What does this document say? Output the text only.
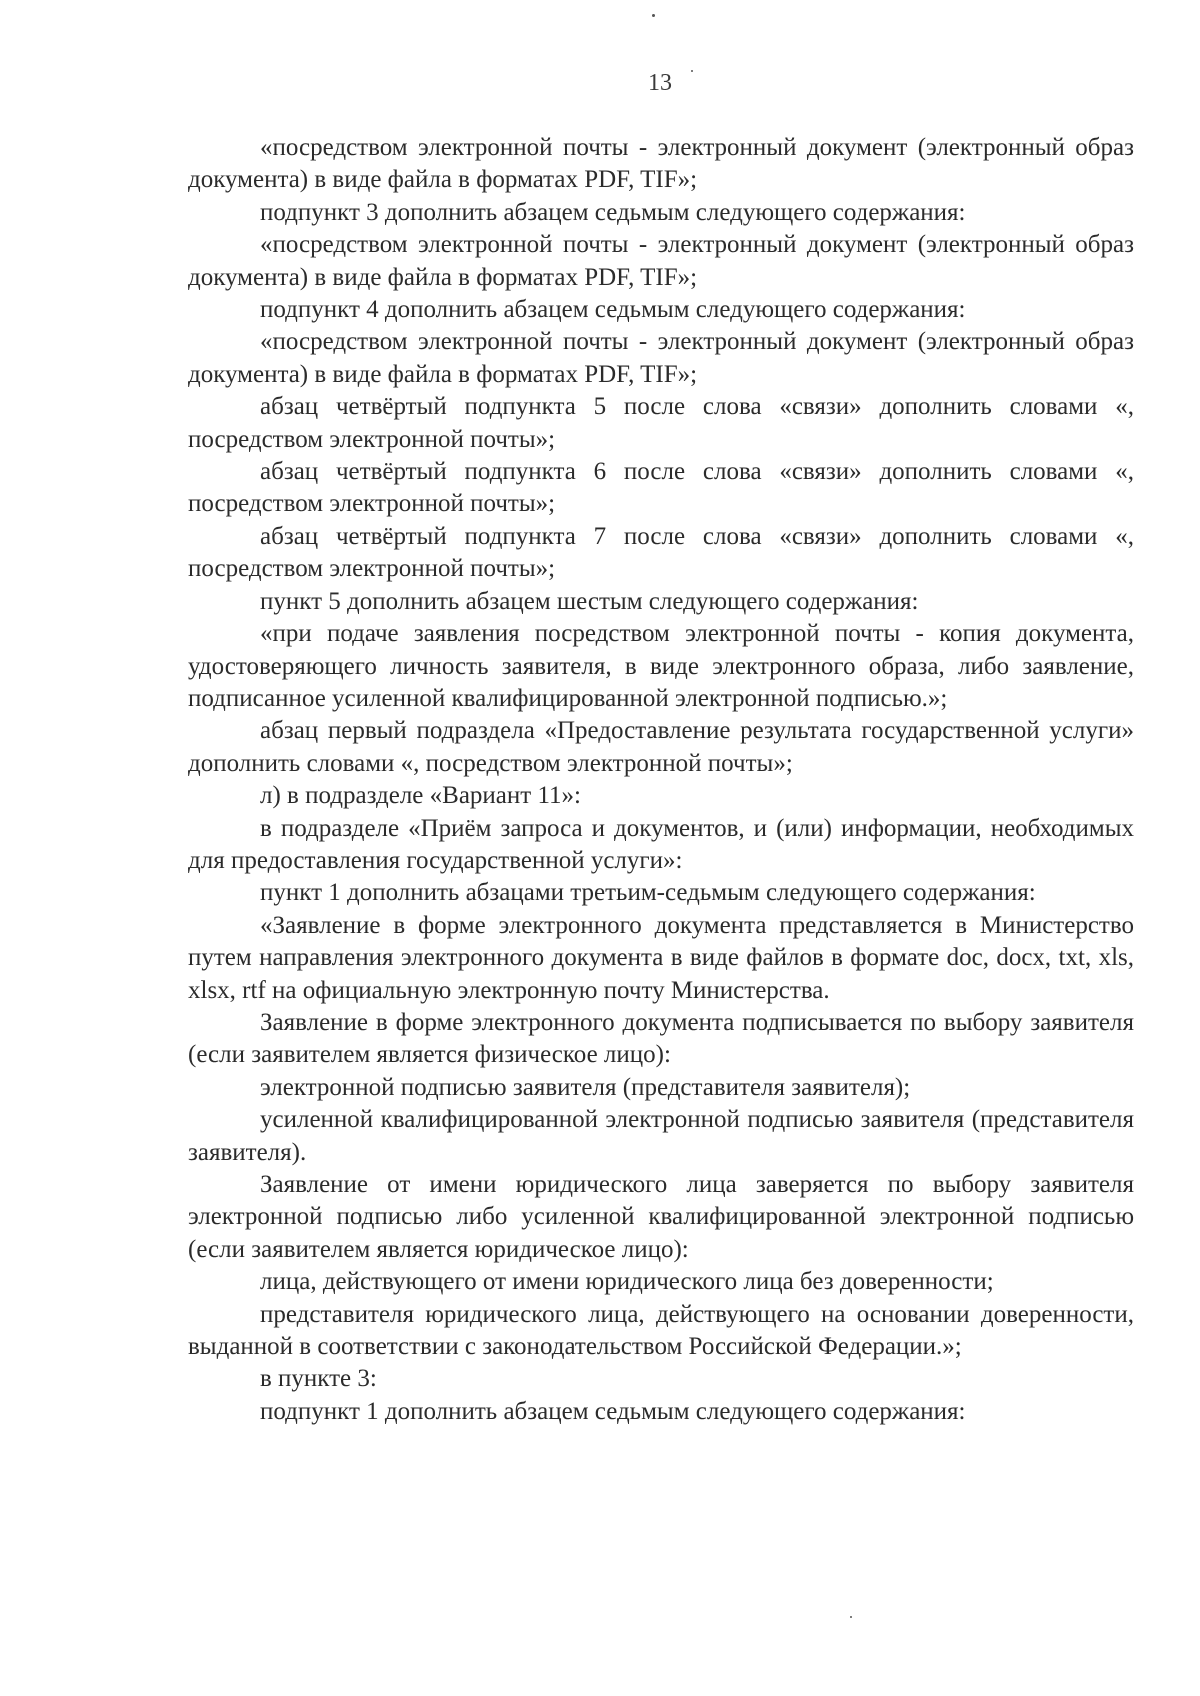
13

«посредством электронной почты - электронный документ (электронный образ документа) в виде файла в форматах PDF, TIF»;

подпункт 3 дополнить абзацем седьмым следующего содержания:

«посредством электронной почты - электронный документ (электронный образ документа) в виде файла в форматах PDF, TIF»;

подпункт 4 дополнить абзацем седьмым следующего содержания:

«посредством электронной почты - электронный документ (электронный образ документа) в виде файла в форматах PDF, TIF»;

абзац четвёртый подпункта 5 после слова «связи» дополнить словами «, посредством электронной почты»;

абзац четвёртый подпункта 6 после слова «связи» дополнить словами «, посредством электронной почты»;

абзац четвёртый подпункта 7 после слова «связи» дополнить словами «, посредством электронной почты»;

пункт 5 дополнить абзацем шестым следующего содержания:

«при подаче заявления посредством электронной почты - копия документа, удостоверяющего личность заявителя, в виде электронного образа, либо заявление, подписанное усиленной квалифицированной электронной подписью.»;

абзац первый подраздела «Предоставление результата государственной услуги» дополнить словами «, посредством электронной почты»;

л) в подразделе «Вариант 11»:

в подразделе «Приём запроса и документов, и (или) информации, необходимых для предоставления государственной услуги»:

пункт 1 дополнить абзацами третьим-седьмым следующего содержания:

«Заявление в форме электронного документа представляется в Министерство путем направления электронного документа в виде файлов в формате doc, docx, txt, xls, xlsx, rtf на официальную электронную почту Министерства.

Заявление в форме электронного документа подписывается по выбору заявителя (если заявителем является физическое лицо):

электронной подписью заявителя (представителя заявителя);

усиленной квалифицированной электронной подписью заявителя (представителя заявителя).

Заявление от имени юридического лица заверяется по выбору заявителя электронной подписью либо усиленной квалифицированной электронной подписью (если заявителем является юридическое лицо):

лица, действующего от имени юридического лица без доверенности;

представителя юридического лица, действующего на основании доверенности, выданной в соответствии с законодательством Российской Федерации.»;

в пункте 3:

подпункт 1 дополнить абзацем седьмым следующего содержания:
